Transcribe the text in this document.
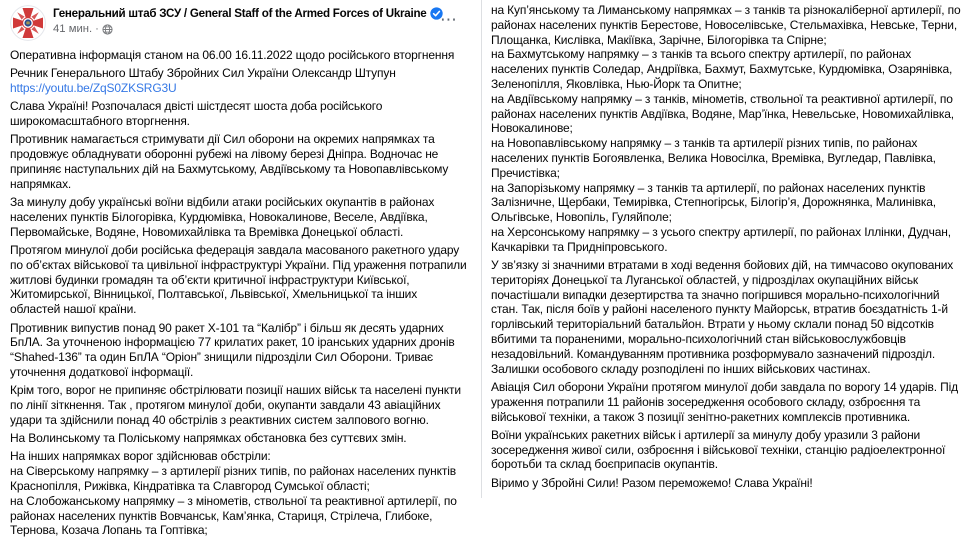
Генеральний штаб ЗСУ / General Staff of the Armed Forces of Ukraine
41 мин. ·	⋯

Оперативна інформація станом на 06.00 16.11.2022 щодо російського вторгнення

Речник Генерального Штабу Збройних Сил України Олександр Штупун
https://youtu.be/ZqS0ZKSRG3U

Слава Україні! Розпочалася двісті шістдесят шоста доба російського широкомасштабного вторгнення.

Противник намагається стримувати дії Сил оборони на окремих напрямках та продовжує обладнувати оборонні рубежі на лівому березі Дніпра. Водночас не припиняє наступальних дій на Бахмутському, Авдіївському та Новопавлівському напрямках.

За минулу добу українські воїни відбили атаки російських окупантів в районах населених пунктів Білогорівка, Курдюмівка, Новокалинове, Веселе, Авдіївка, Первомайське, Водяне, Новомихайлівка та Времівка Донецької області.

Протягом минулої доби російська федерація завдала масованого ракетного удару по об’єктах військової та цивільної інфраструктурі України. Під ураження потрапили житлові будинки громадян та об’єкти критичної інфраструктури Київської, Житомирської, Вінницької, Полтавської, Львівської, Хмельницької та інших областей нашої країни.

Противник випустив понад 90 ракет Х-101 та “Калібр” і більш як десять ударних БпЛА. За уточненою інформацією 77 крилатих ракет, 10 іранських ударних дронів “Shahed-136” та один БпЛА “Оріон” знищили підрозділи Сил Оборони. Триває уточнення додаткової інформації.

Крім того, ворог не припиняє обстрілювати позиції наших військ та населені пункти по лінії зіткнення. Так , протягом минулої доби, окупанти завдали 43 авіаційних удари та здійснили понад 40 обстрілів з реактивних систем залпового вогню.

На Волинському та Поліському напрямках обстановка без суттєвих змін.

На інших напрямках ворог здійснював обстріли:
на Сіверському напрямку – з артилерії різних типів, по районах населених пунктів Краснопілля, Рижівка, Кіндратівка та Славгород Сумської області;
на Слобожанському напрямку – з мінометів, ствольної та реактивної артилерії, по районах населених пунктів Вовчанськ, Кам’янка, Стариця, Стрілеча, Глибоке, Тернова, Козача Лопань та Гоптівка;

на Куп’янському та Лиманському напрямках – з танків та різнокаліберної артилерії, по районах населених пунктів Берестове, Новоселівське, Стельмахівка, Невське, Терни, Площанка, Кислівка, Макіївка, Зарічне, Білогорівка та Спірне;
на Бахмутському напрямку – з танків та всього спектру артилерії, по районах населених пунктів Соледар, Андріївка, Бахмут, Бахмутське, Курдюмівка, Озарянівка, Зеленопілля, Яковлівка, Нью-Йорк та Опитне;
на Авдіївському напрямку – з танків, мінометів, ствольної та реактивної артилерії, по районах населених пунктів Авдіївка, Водяне, Мар’їнка, Невельське, Новомихайлівка, Новокалинове;
на Новопавлівському напрямку – з танків та артилерії різних типів, по районах населених пунктів Богоявленка, Велика Новосілка, Времівка, Вугледар, Павлівка, Пречистівка;
на Запорізькому напрямку – з танків та артилерії, по районах населених пунктів Залізничне, Щербаки, Темирівка, Степногірськ, Білогір’я, Дорожнянка, Малинівка, Ольгівське, Новопіль, Гуляйполе;
на Херсонському напрямку – з усього спектру артилерії, по районах Іллінки, Дудчан, Качкарівки та Придніпровського.

У зв’язку зі значними втратами в ході ведення бойових дій, на тимчасово окупованих територіях Донецької та Луганської областей, у підрозділах окупаційних військ почастішали випадки дезертирства та значно погіршився морально-психологічний стан. Так, після боїв у районі населеного пункту Майорськ, втратив боєздатність 1-й горлівський територіальний батальйон. Втрати у ньому склали понад 50 відсотків вбитими та пораненими, морально-психологічний стан військовослужбовців незадовільний. Командуванням противника розформувало зазначений підрозділ. Залишки особового складу розподілені по інших військових частинах.

Авіація Сил оборони України протягом минулої доби завдала по ворогу 14 ударів. Під ураження потрапили 11 районів зосередження особового складу, озброєння та військової техніки, а також 3 позиції зенітно-ракетних комплексів противника.

Воїни українських ракетних військ і артилерії за минулу добу уразили 3 райони зосередження живої сили, озброєння і військової техніки, станцію радіоелектронної боротьби та склад боєприпасів окупантів.

Віримо у Збройні Сили! Разом переможемо! Слава Україні!
